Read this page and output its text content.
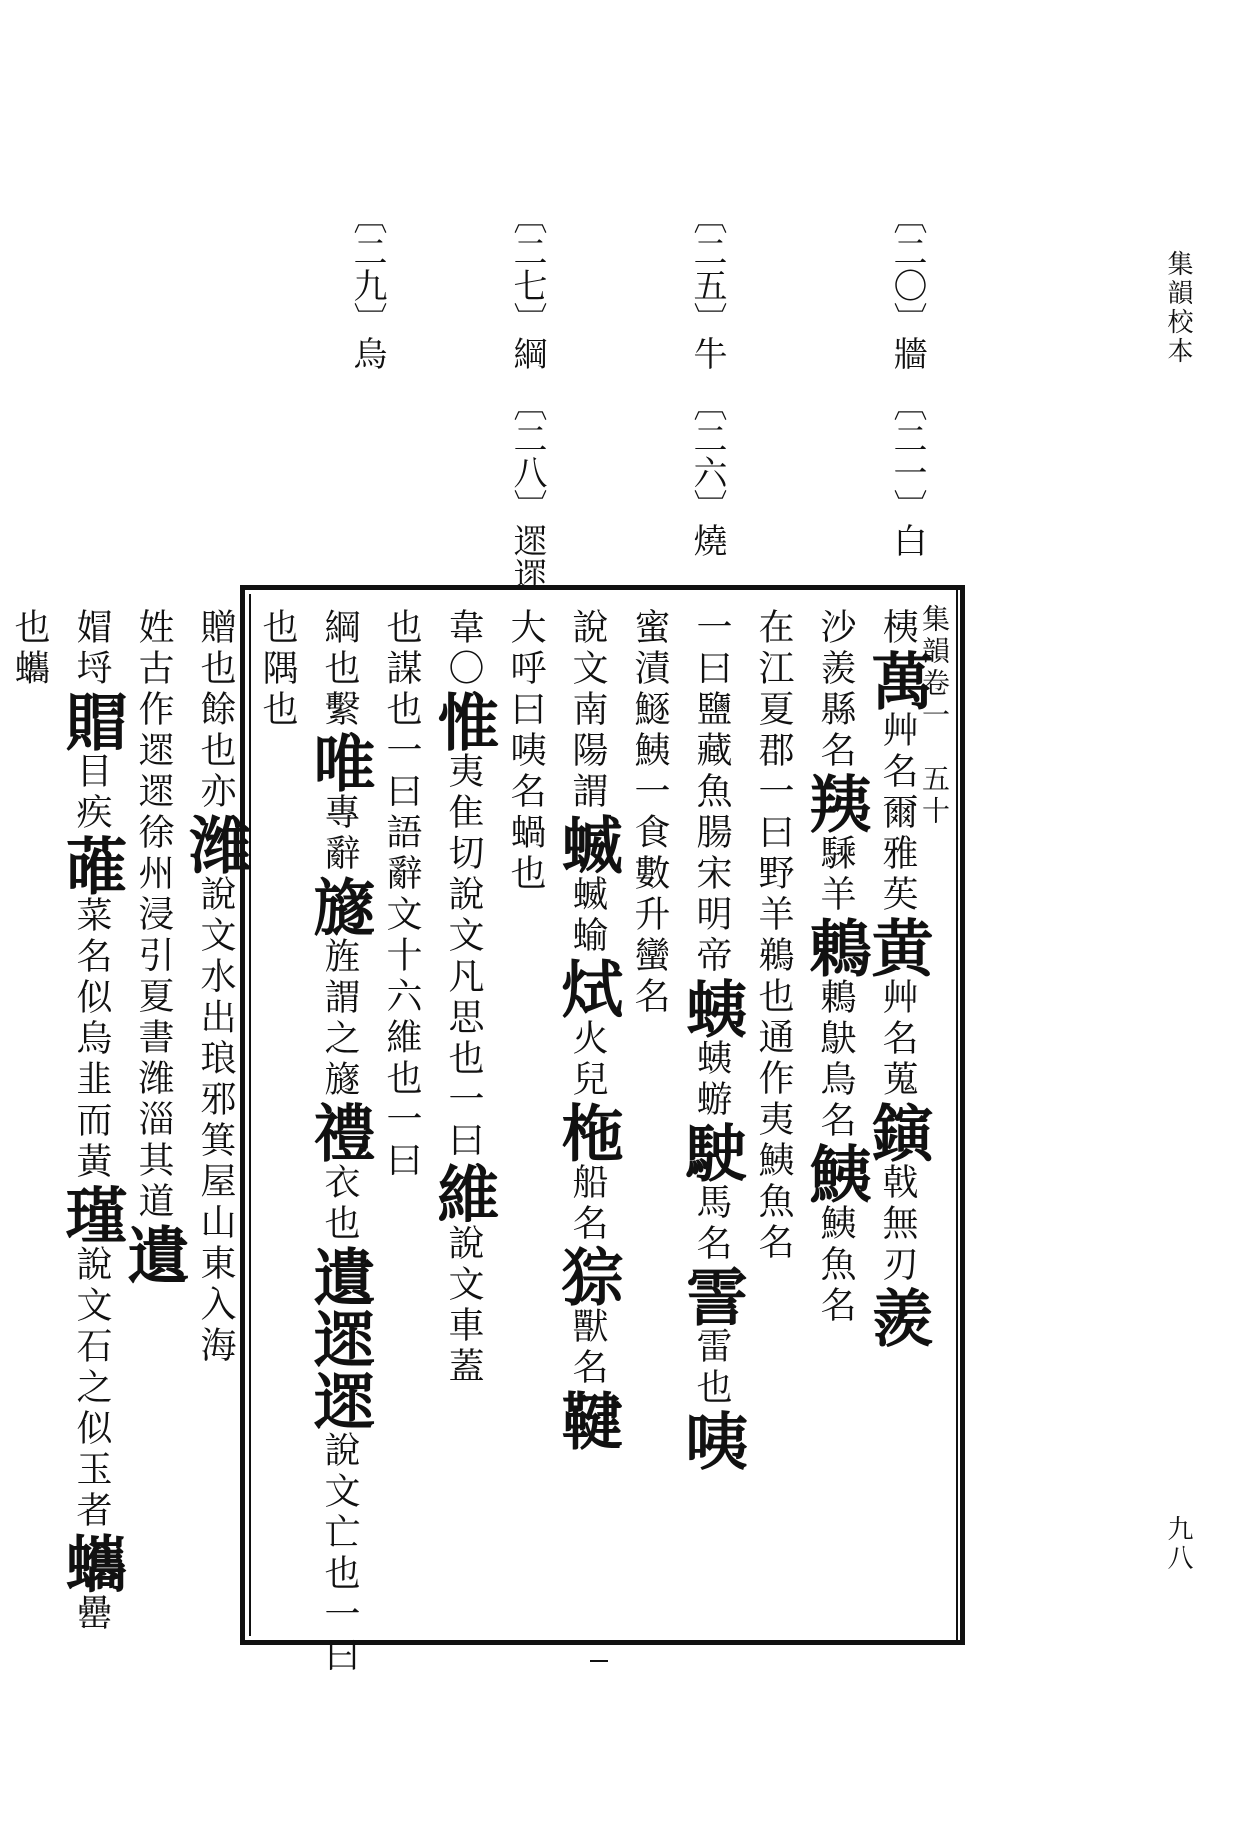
集韻校本
九八
〔二〇〕牆　〔二一〕白
〔二五〕牛　〔二六〕燒
〔二七〕綱　〔二八〕遝遝
〔二九〕烏
集韻卷一　五十
桋萬艸名爾雅苵黄艸名蒐鏔戟無刃羨
沙羨縣名羠騬羊鶇鶇鴃鳥名鮧鮧魚名
在江夏郡一曰野羊鵜也通作夷鮧魚名
一曰鹽藏魚腸宋明帝蛦蛦蝣駛馬名霅雷也咦
蜜漬鱁鮧一食數升蠻名
說文南陽謂蝛蝛蝓烒火兒柂船名猔獸名鞬
大呼曰咦名蝸也
韋〇惟夷隹切說文凡思也一曰維說文車蓋
也謀也一曰語辭文十六維也一曰
綱也繫唯專辭旞旌謂之旞禮衣也遺遝遝說文亡也一曰
也隅也
贈也餘也亦潍說文水出琅邪箕屋山東入海
姓古作遝遝徐州浸引夏書潍淄其道遺
媢埒賵目疾蓶菜名似烏韭而黃瑾說文石之似玉者蠵罍
也蠵
